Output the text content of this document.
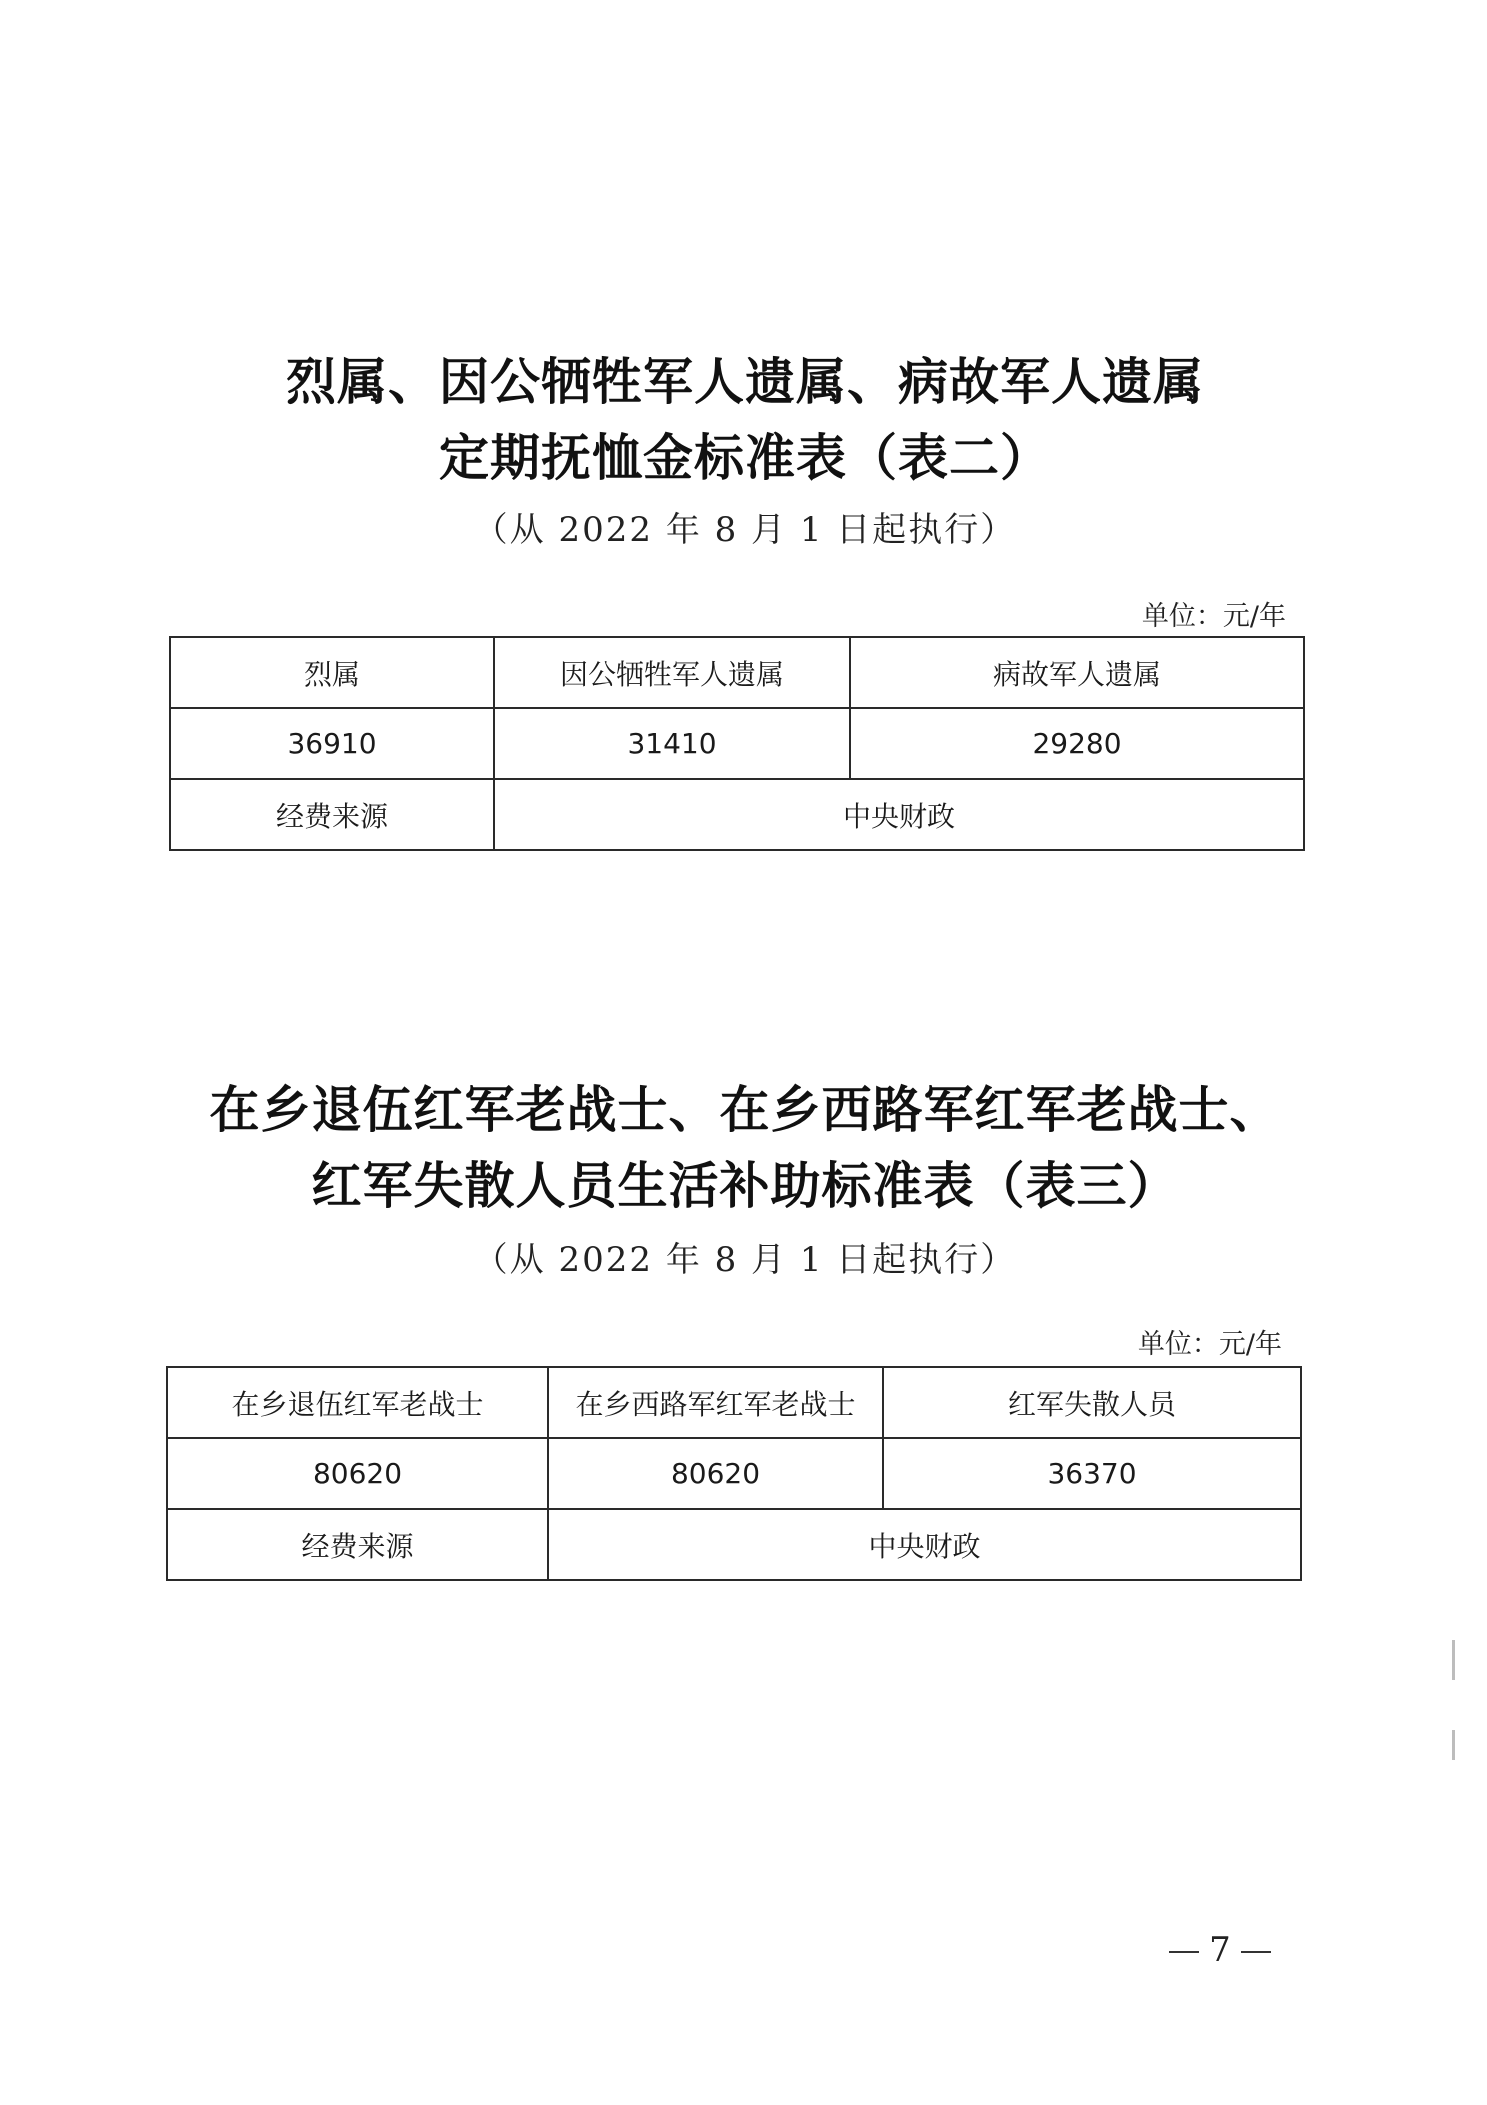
烈属、因公牺牲军人遗属、病故军人遗属
定期抚恤金标准表（表二）
（从 2022 年 8 月 1 日起执行）
单位：元/年
烈属	因公牺牲军人遗属	病故军人遗属
36910	31410	29280
经费来源	中央财政	
在乡退伍红军老战士、在乡西路军红军老战士、
红军失散人员生活补助标准表（表三）
（从 2022 年 8 月 1 日起执行）
单位：元/年
在乡退伍红军老战士	在乡西路军红军老战士	红军失散人员
80620	80620	36370
经费来源	中央财政	
7
